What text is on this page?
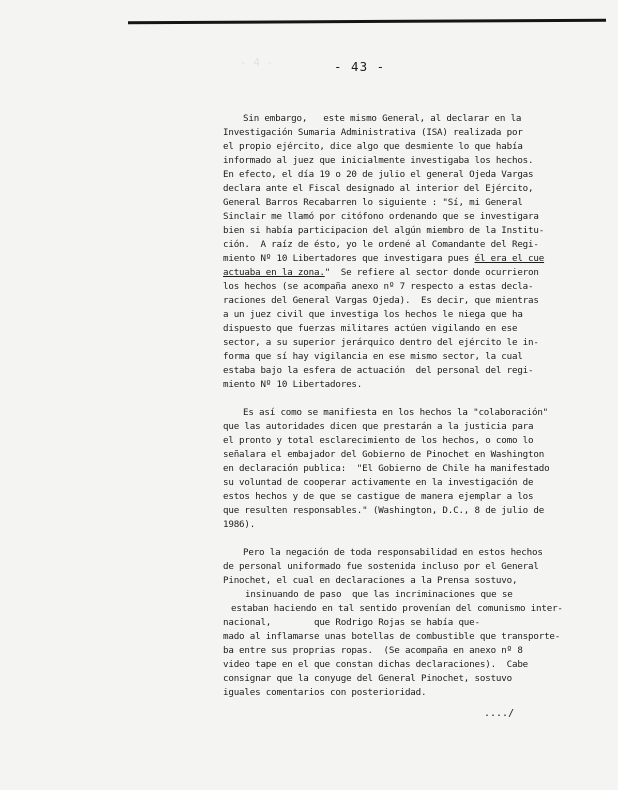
- 4 -	- 43 -

Sin embargo,   este mismo General, al declarar en la
Investigación Sumaria Administrativa (ISA) realizada por
el propio ejército, dice algo que desmiente lo que había
informado al juez que inicialmente investigaba los hechos.
En efecto, el día 19 o 20 de julio el general Ojeda Vargas
declara ante el Fiscal designado al interior del Ejército,
General Barros Recabarren lo siguiente : "Sí, mi General
Sinclair me llamó por citófono ordenando que se investigara
bien si había participacion del algún miembro de la Institu-
ción.  A raíz de ésto, yo le ordené al Comandante del Regi-
miento Nº 10 Libertadores que investigara pues él era el cue
actuaba en la zona."  Se refiere al sector donde ocurrieron
los hechos (se acompaña anexo nº 7 respecto a estas decla-
raciones del General Vargas Ojeda).  Es decir, que mientras
a un juez civil que investiga los hechos le niega que ha
dispuesto que fuerzas militares actúen vigilando en ese
sector, a su superior jerárquico dentro del ejército le in-
forma que sí hay vigilancia en ese mismo sector, la cual
estaba bajo la esfera de actuación  del personal del regi-
miento Nº 10 Libertadores.

Es así como se manifiesta en los hechos la "colaboración"
que las autoridades dicen que prestarán a la justicia para
el pronto y total esclarecimiento de los hechos, o como lo
señalara el embajador del Gobierno de Pinochet en Washington
en declaración publica:  "El Gobierno de Chile ha manifestado
su voluntad de cooperar activamente en la investigación de
estos hechos y de que se castigue de manera ejemplar a los
que resulten responsables." (Washington, D.C., 8 de julio de
1986).

Pero la negación de toda responsabilidad en estos hechos
de personal uniformado fue sostenida incluso por el General
Pinochet, el cual en declaraciones a la Prensa sostuvo,
insinuando de paso  que las incriminaciones que se
estaban haciendo en tal sentido provenían del comunismo inter-
nacional,        que Rodrigo Rojas se había que-
mado al inflamarse unas botellas de combustible que transporte-
ba entre sus proprias ropas.  (Se acompaña en anexo nº 8
video tape en el que constan dichas declaraciones).  Cabe
consignar que la conyuge del General Pinochet, sostuvo
iguales comentarios con posterioridad.

..../
